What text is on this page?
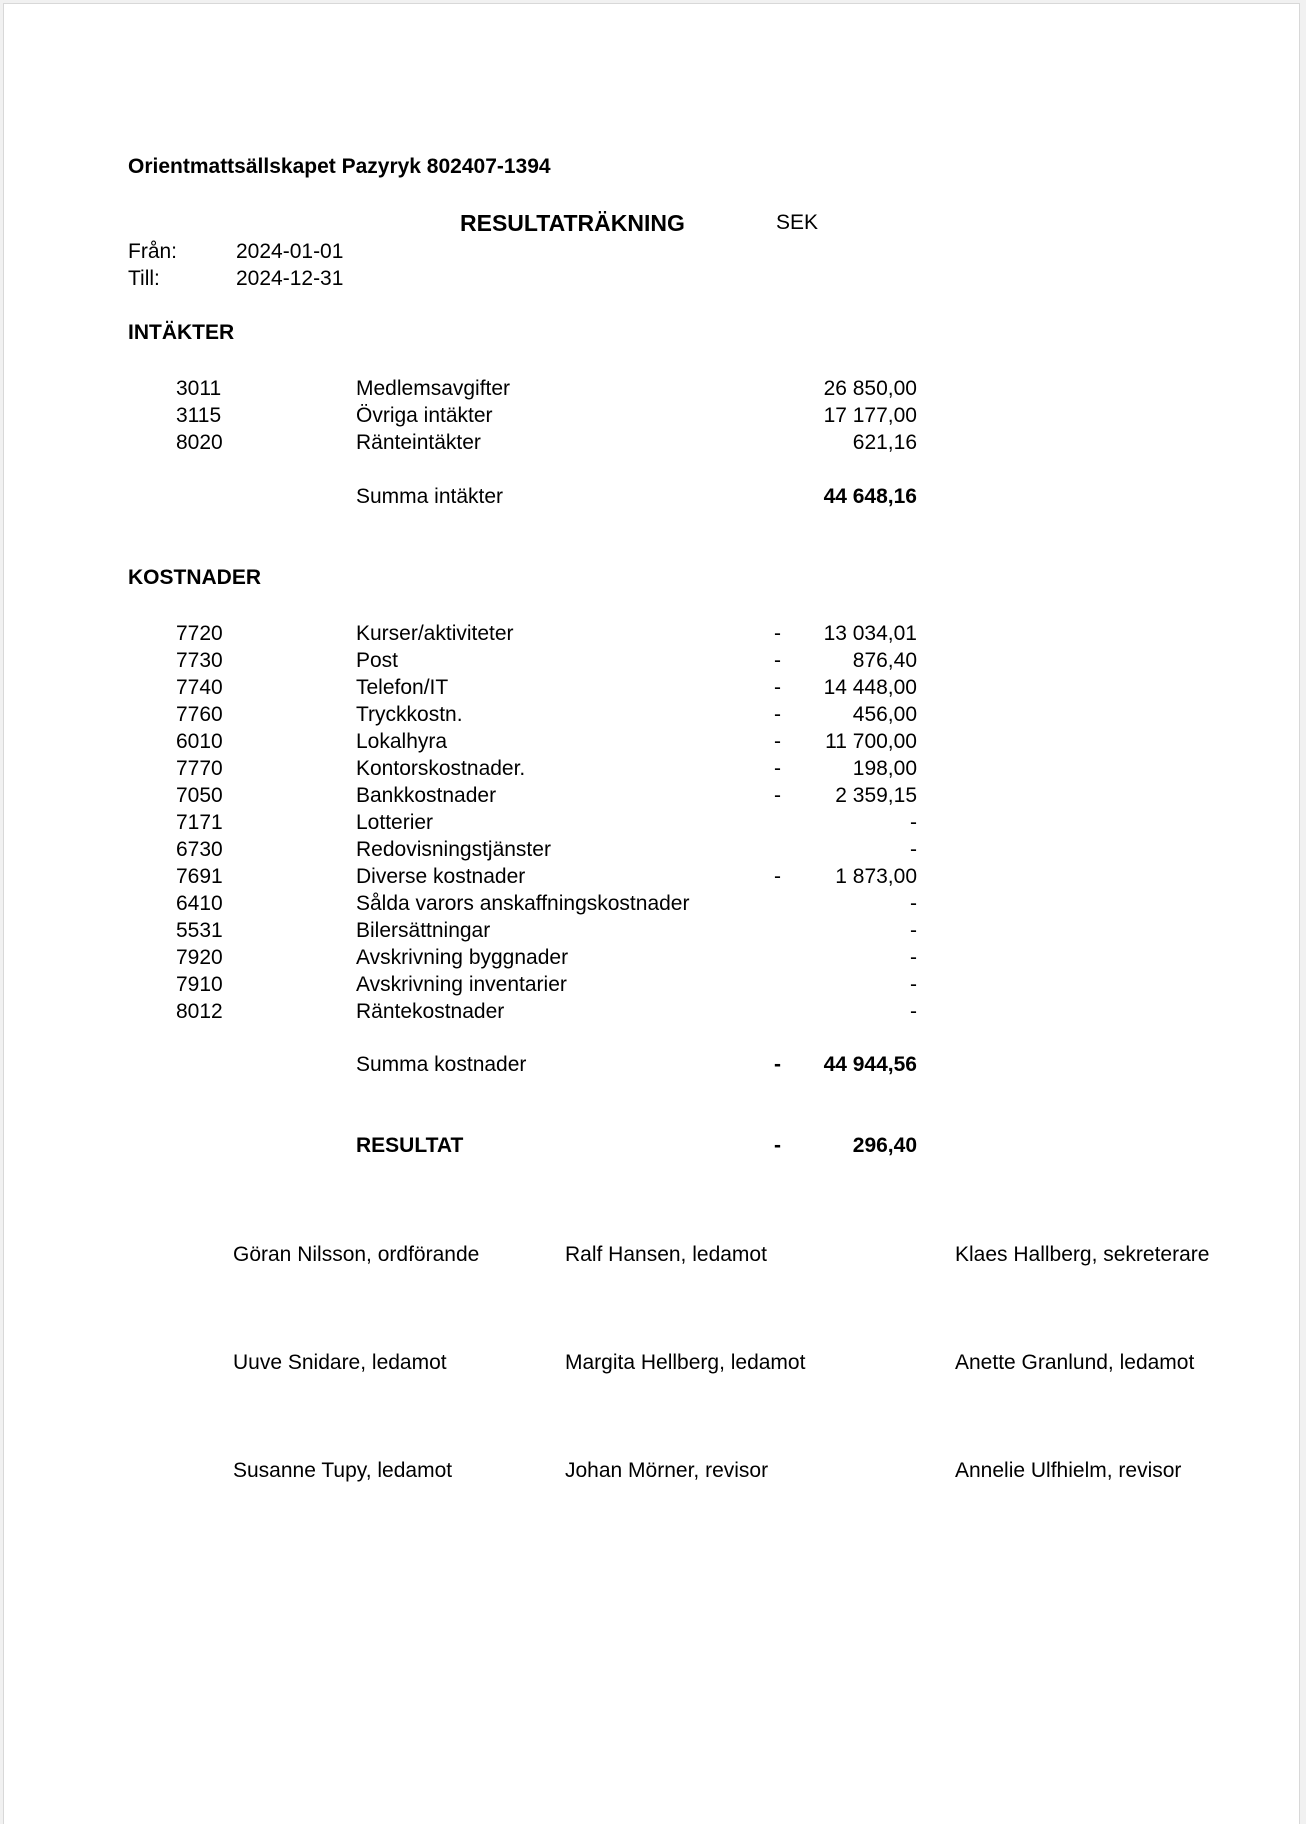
Orientmattsällskapet Pazyryk 802407-1394
RESULTATRÄKNING	SEK
Från:	2024-01-01
Till:	2024-12-31
INTÄKTER
3011	Medlemsavgifter	26 850,00
3115	Övriga intäkter	17 177,00
8020	Ränteintäkter	621,16
Summa intäkter	44 648,16
KOSTNADER
7720	Kurser/aktiviteter	-	13 034,01
7730	Post	-	876,40
7740	Telefon/IT	-	14 448,00
7760	Tryckkostn.	-	456,00
6010	Lokalhyra	-	11 700,00
7770	Kontorskostnader.	-	198,00
7050	Bankkostnader	-	2 359,15
7171	Lotterier	-
6730	Redovisningstjänster	-
7691	Diverse kostnader	-	1 873,00
6410	Sålda varors anskaffningskostnader	-
5531	Bilersättningar	-
7920	Avskrivning byggnader	-
7910	Avskrivning inventarier	-
8012	Räntekostnader	-
Summa kostnader	-	44 944,56
RESULTAT	-	296,40
Göran Nilsson, ordförande	Ralf Hansen, ledamot	Klaes Hallberg, sekreterare
Uuve Snidare, ledamot	Margita Hellberg, ledamot	Anette Granlund, ledamot
Susanne Tupy, ledamot	Johan Mörner, revisor	Annelie Ulfhielm, revisor
